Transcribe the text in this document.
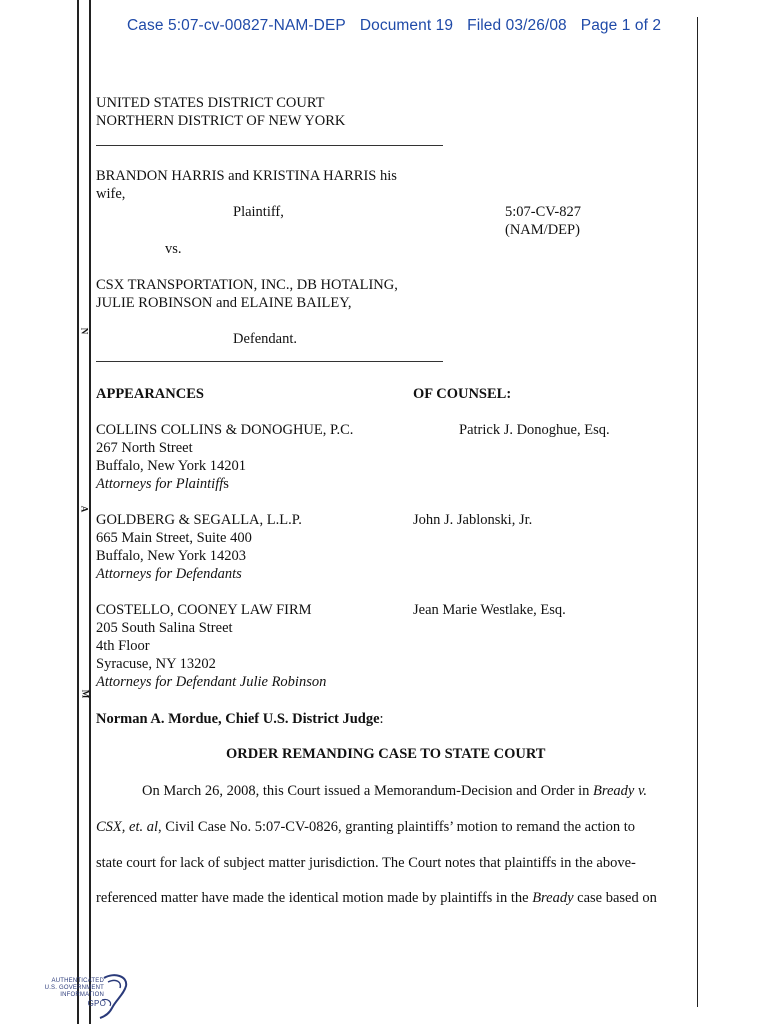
Case 5:07-cv-00827-NAM-DEP Document 19 Filed 03/26/08 Page 1 of 2
N
A
M
UNITED STATES DISTRICT COURT
NORTHERN DISTRICT OF NEW YORK
BRANDON HARRIS and KRISTINA HARRIS his
wife,
Plaintiff,	5:07-CV-827
(NAM/DEP)
vs.
CSX TRANSPORTATION, INC., DB HOTALING,
JULIE ROBINSON and ELAINE BAILEY,
Defendant.
APPEARANCES	OF COUNSEL:
COLLINS COLLINS & DONOGHUE, P.C.
267 North Street
Buffalo, New York 14201
Attorneys for Plaintiffs
Patrick J. Donoghue, Esq.
GOLDBERG & SEGALLA, L.L.P.
665 Main Street, Suite 400
Buffalo, New York 14203
Attorneys for Defendants
John J. Jablonski, Jr.
COSTELLO, COONEY LAW FIRM
205 South Salina Street
4th Floor
Syracuse, NY 13202
Attorneys for Defendant Julie Robinson
Jean Marie Westlake, Esq.
Norman A. Mordue, Chief U.S. District Judge:
ORDER REMANDING CASE TO STATE COURT
On March 26, 2008, this Court issued a Memorandum-Decision and Order in Bready v.
CSX, et. al, Civil Case No. 5:07-CV-0826, granting plaintiffs’ motion to remand the action to
state court for lack of subject matter jurisdiction. The Court notes that plaintiffs in the above-
referenced matter have made the identical motion made by plaintiffs in the Bready case based on
AUTHENTICATED
U.S. GOVERNMENT
INFORMATION
GPO
